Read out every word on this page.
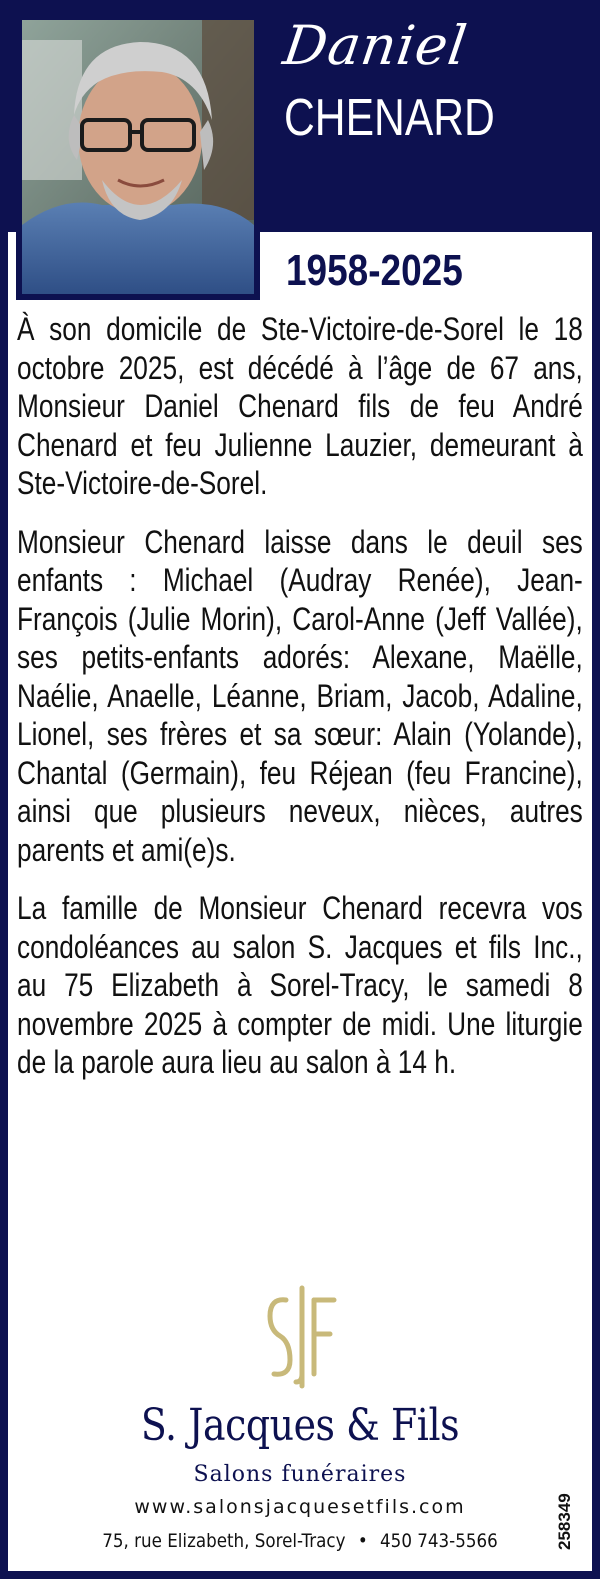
Daniel
CHENARD
1958-2025

À son domicile de Ste-Victoire-de-Sorel le 18 octobre 2025, est décédé à l’âge de 67 ans, Monsieur Daniel Chenard fils de feu André Chenard et feu Julienne Lauzier, demeurant à Ste-Victoire-de-Sorel.

Monsieur Chenard laisse dans le deuil ses enfants : Michael (Audray Renée), Jean-François (Julie Morin), Carol-Anne (Jeff Vallée), ses petits-enfants adorés: Alexane, Maëlle, Naélie, Anaelle, Léanne, Briam, Jacob, Adaline, Lionel, ses frères et sa sœur: Alain (Yolande), Chantal (Germain), feu Réjean (feu Francine), ainsi que plusieurs neveux, nièces, autres parents et ami(e)s.

La famille de Monsieur Chenard recevra vos condoléances au salon S. Jacques et fils Inc., au 75 Elizabeth à Sorel-Tracy, le samedi 8 novembre 2025 à compter de midi. Une liturgie de la parole aura lieu au salon à 14 h.

S. Jacques & Fils
Salons funéraires
www.salonsjacquesetfils.com
75, rue Elizabeth, Sorel-Tracy • 450 743-5566	258349
